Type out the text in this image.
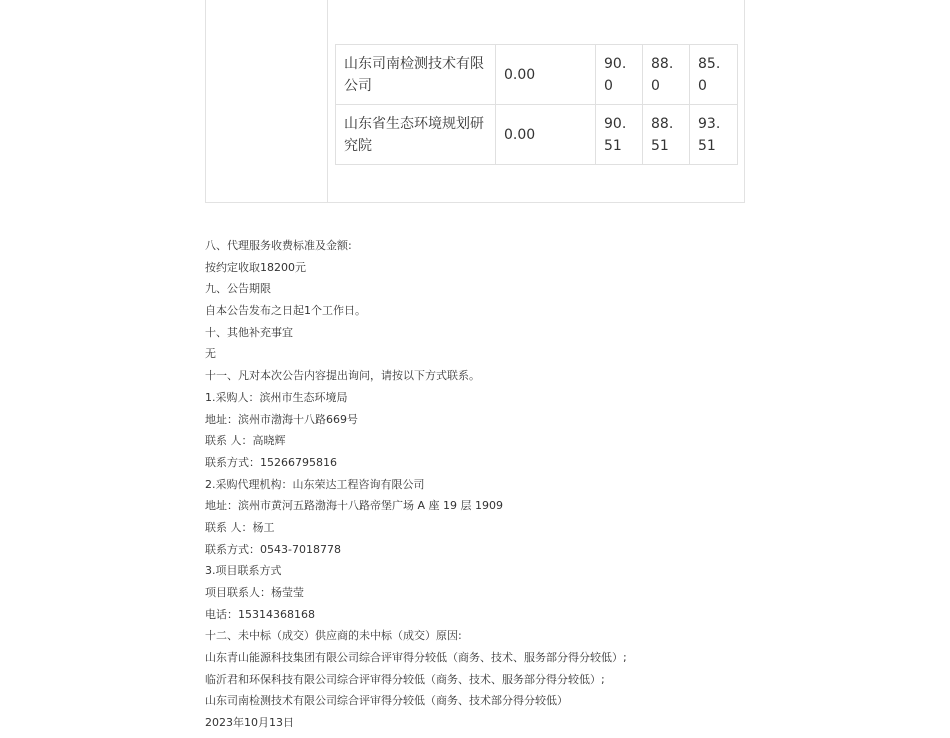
山东司南检测技术有限公司	0.00	90.0	88.0	85.0
山东省生态环境规划研究院	0.00	90.51	88.51	93.51
八、代理服务收费标准及金额:
按约定收取18200元
九、公告期限
自本公告发布之日起1个工作日。
十、其他补充事宜
无
十一、凡对本次公告内容提出询问，请按以下方式联系。
1.采购人：滨州市生态环境局
地址：滨州市渤海十八路669号
联系 人：高晓辉
联系方式：15266795816
2.采购代理机构：山东荣达工程咨询有限公司
地址：滨州市黄河五路渤海十八路帝堡广场 A 座 19 层 1909
联系 人：杨工
联系方式：0543-7018778
3.项目联系方式
项目联系人：杨莹莹
电话：15314368168
十二、未中标（成交）供应商的未中标（成交）原因:
山东青山能源科技集团有限公司综合评审得分较低（商务、技术、服务部分得分较低）;
临沂君和环保科技有限公司综合评审得分较低（商务、技术、服务部分得分较低）;
山东司南检测技术有限公司综合评审得分较低（商务、技术部分得分较低）
2023年10月13日
